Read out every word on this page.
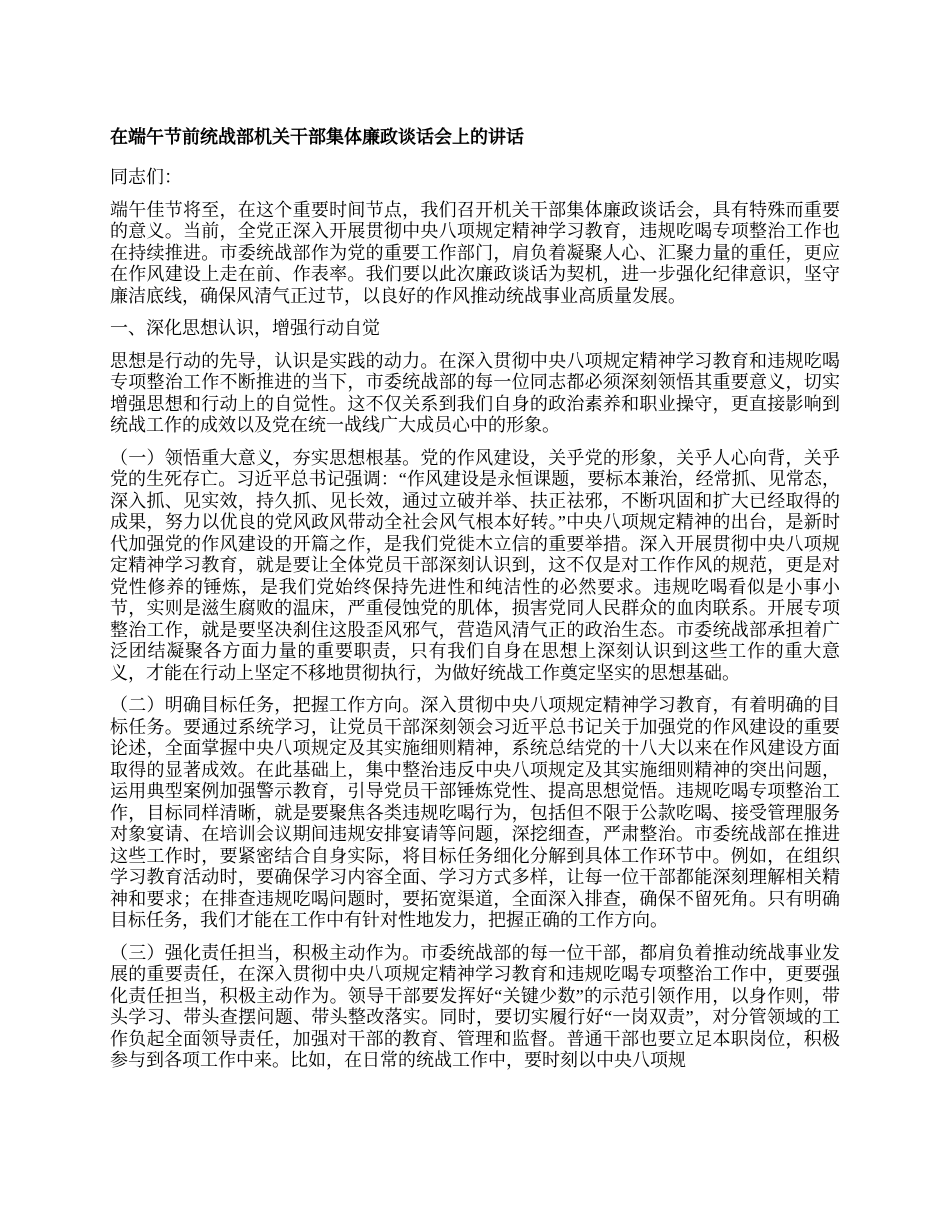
在端午节前统战部机关干部集体廉政谈话会上的讲话

同志们：

端午佳节将至，在这个重要时间节点，我们召开机关干部集体廉政谈话会，具有特殊而重要的意义。当前，全党正深入开展贯彻中央八项规定精神学习教育，违规吃喝专项整治工作也在持续推进。市委统战部作为党的重要工作部门，肩负着凝聚人心、汇聚力量的重任，更应在作风建设上走在前、作表率。我们要以此次廉政谈话为契机，进一步强化纪律意识，坚守廉洁底线，确保风清气正过节，以良好的作风推动统战事业高质量发展。

一、深化思想认识，增强行动自觉

思想是行动的先导，认识是实践的动力。在深入贯彻中央八项规定精神学习教育和违规吃喝专项整治工作不断推进的当下，市委统战部的每一位同志都必须深刻领悟其重要意义，切实增强思想和行动上的自觉性。这不仅关系到我们自身的政治素养和职业操守，更直接影响到统战工作的成效以及党在统一战线广大成员心中的形象。

（一）领悟重大意义，夯实思想根基。党的作风建设，关乎党的形象，关乎人心向背，关乎党的生死存亡。习近平总书记强调：“作风建设是永恒课题，要标本兼治，经常抓、见常态，深入抓、见实效，持久抓、见长效，通过立破并举、扶正祛邪，不断巩固和扩大已经取得的成果，努力以优良的党风政风带动全社会风气根本好转。”中央八项规定精神的出台，是新时代加强党的作风建设的开篇之作，是我们党徙木立信的重要举措。深入开展贯彻中央八项规定精神学习教育，就是要让全体党员干部深刻认识到，这不仅是对工作作风的规范，更是对党性修养的锤炼，是我们党始终保持先进性和纯洁性的必然要求。违规吃喝看似是小事小节，实则是滋生腐败的温床，严重侵蚀党的肌体，损害党同人民群众的血肉联系。开展专项整治工作，就是要坚决刹住这股歪风邪气，营造风清气正的政治生态。市委统战部承担着广泛团结凝聚各方面力量的重要职责，只有我们自身在思想上深刻认识到这些工作的重大意义，才能在行动上坚定不移地贯彻执行，为做好统战工作奠定坚实的思想基础。

（二）明确目标任务，把握工作方向。深入贯彻中央八项规定精神学习教育，有着明确的目标任务。要通过系统学习，让党员干部深刻领会习近平总书记关于加强党的作风建设的重要论述，全面掌握中央八项规定及其实施细则精神，系统总结党的十八大以来在作风建设方面取得的显著成效。在此基础上，集中整治违反中央八项规定及其实施细则精神的突出问题，运用典型案例加强警示教育，引导党员干部锤炼党性、提高思想觉悟。违规吃喝专项整治工作，目标同样清晰，就是要聚焦各类违规吃喝行为，包括但不限于公款吃喝、接受管理服务对象宴请、在培训会议期间违规安排宴请等问题，深挖细查，严肃整治。市委统战部在推进这些工作时，要紧密结合自身实际，将目标任务细化分解到具体工作环节中。例如，在组织学习教育活动时，要确保学习内容全面、学习方式多样，让每一位干部都能深刻理解相关精神和要求；在排查违规吃喝问题时，要拓宽渠道，全面深入排查，确保不留死角。只有明确目标任务，我们才能在工作中有针对性地发力，把握正确的工作方向。

（三）强化责任担当，积极主动作为。市委统战部的每一位干部，都肩负着推动统战事业发展的重要责任，在深入贯彻中央八项规定精神学习教育和违规吃喝专项整治工作中，更要强化责任担当，积极主动作为。领导干部要发挥好“关键少数”的示范引领作用，以身作则，带头学习、带头查摆问题、带头整改落实。同时，要切实履行好“一岗双责”，对分管领域的工作负起全面领导责任，加强对干部的教育、管理和监督。普通干部也要立足本职岗位，积极参与到各项工作中来。比如，在日常的统战工作中，要时刻以中央八项规
